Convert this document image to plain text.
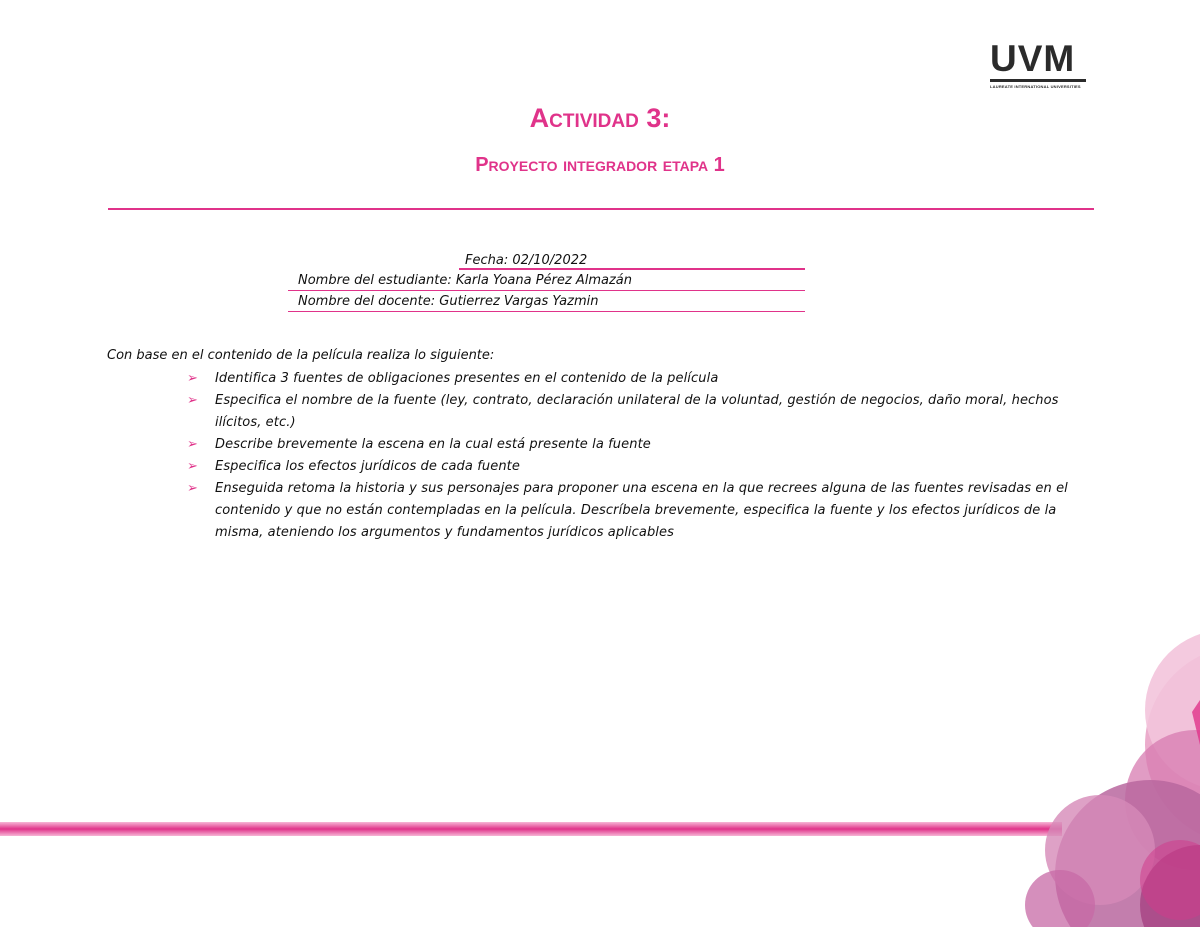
UVM
LAUREATE INTERNATIONAL UNIVERSITIES
Actividad 3:
Proyecto integrador etapa 1
Fecha: 02/10/2022
Nombre del estudiante: Karla Yoana Pérez Almazán
Nombre del docente: Gutierrez Vargas Yazmin

Con base en el contenido de la película realiza lo siguiente:

➢ Identifica 3 fuentes de obligaciones presentes en el contenido de la película
➢ Especifica el nombre de la fuente (ley, contrato, declaración unilateral de la voluntad, gestión de negocios, daño moral, hechos ilícitos, etc.)
➢ Describe brevemente la escena en la cual está presente la fuente
➢ Especifica los efectos jurídicos de cada fuente
➢ Enseguida retoma la historia y sus personajes para proponer una escena en la que recrees alguna de las fuentes revisadas en el contenido y que no están contempladas en la película. Descríbela brevemente, especifica la fuente y los efectos jurídicos de la misma, ateniendo los argumentos y fundamentos jurídicos aplicables
